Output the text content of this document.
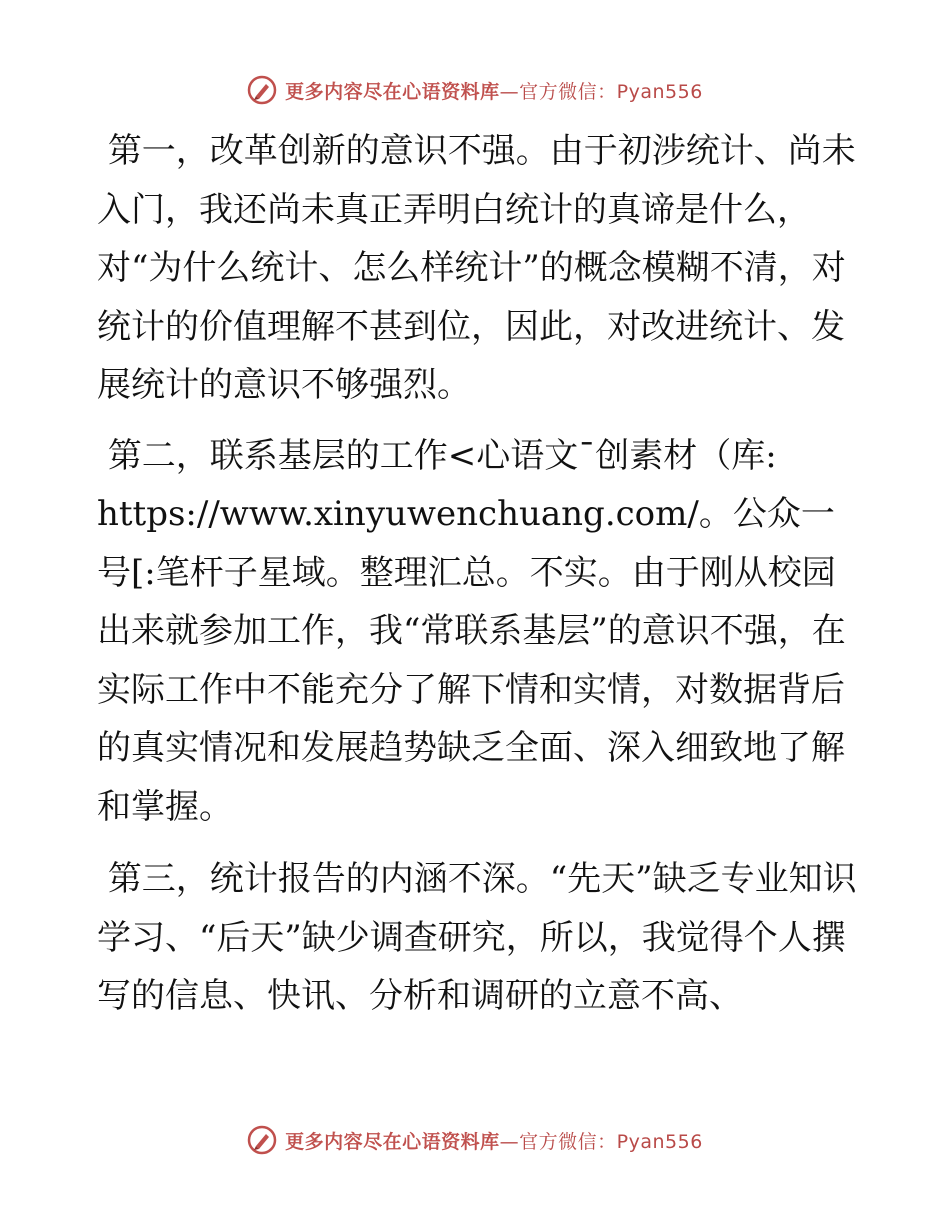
更多内容尽在心语资料库—官方微信：Pyan556

第一，改革创新的意识不强。由于初涉统计、尚未入门，我还尚未真正弄明白统计的真谛是什么，对“为什么统计、怎么样统计”的概念模糊不清，对统计的价值理解不甚到位，因此，对改进统计、发展统计的意识不够强烈。

第二，联系基层的工作<心语文¯创素材（库:
https://www.xinyuwenchuang.com/。公众一号[:笔杆子星域。整理汇总。不实。由于刚从校园出来就参加工作，我“常联系基层”的意识不强，在实际工作中不能充分了解下情和实情，对数据背后的真实情况和发展趋势缺乏全面、深入细致地了解和掌握。

第三，统计报告的内涵不深。“先天”缺乏专业知识学习、“后天”缺少调查研究，所以，我觉得个人撰写的信息、快讯、分析和调研的立意不高、

更多内容尽在心语资料库—官方微信：Pyan556
